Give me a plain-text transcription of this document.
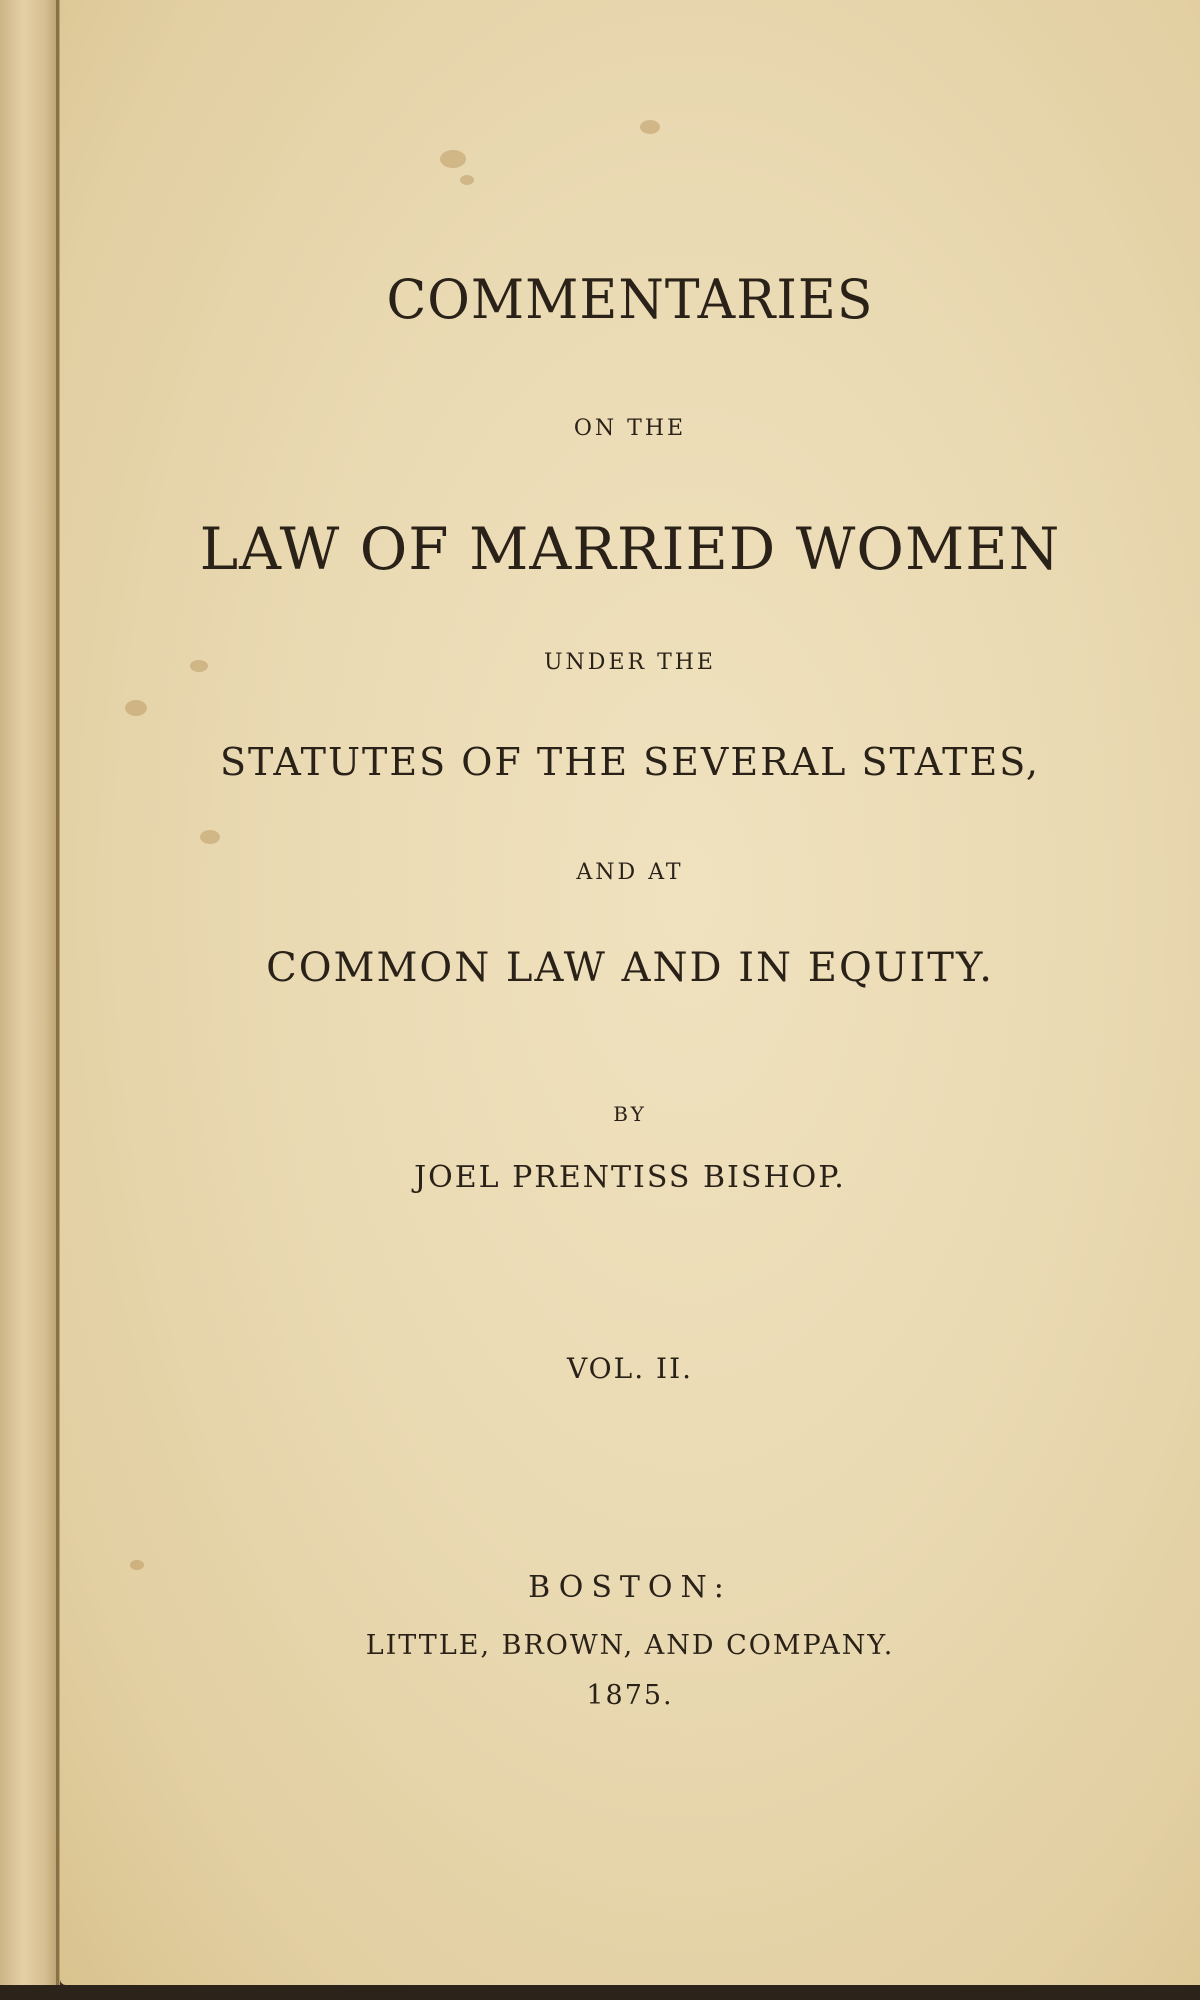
COMMENTARIES

ON THE

LAW OF MARRIED WOMEN

UNDER THE

STATUTES OF THE SEVERAL STATES,

AND AT

COMMON LAW AND IN EQUITY.

BY

JOEL PRENTISS BISHOP.

VOL. II.

BOSTON:

LITTLE, BROWN, AND COMPANY.

1875.
